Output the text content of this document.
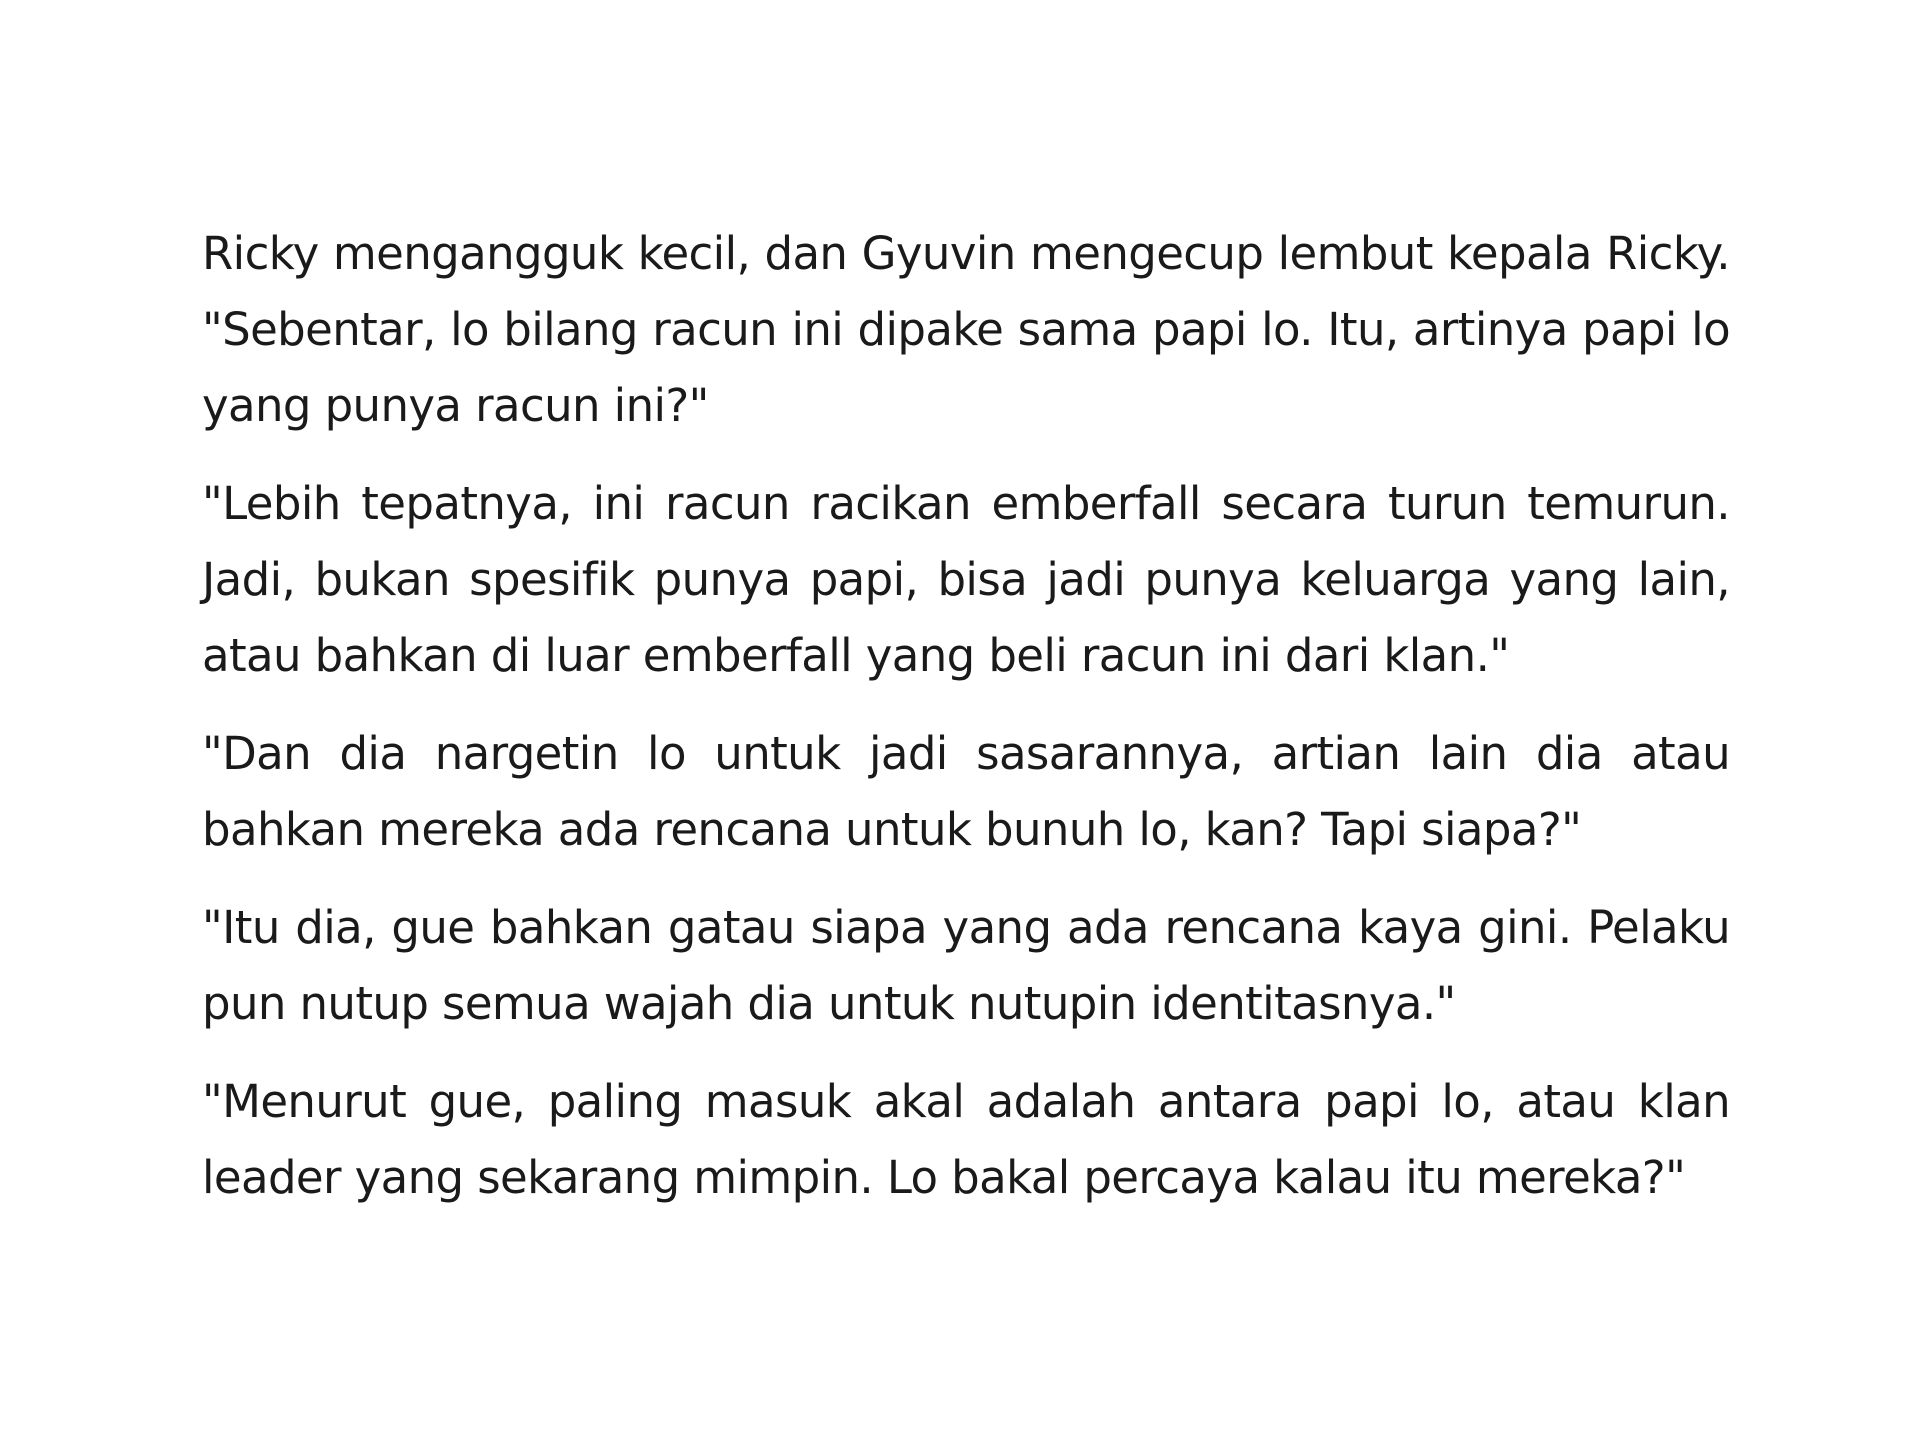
Ricky mengangguk kecil, dan Gyuvin mengecup lembut kepala Ricky. "Sebentar, lo bilang racun ini dipake sama papi lo. Itu, artinya papi lo yang punya racun ini?"

"Lebih tepatnya, ini racun racikan emberfall secara turun temurun. Jadi, bukan spesifik punya papi, bisa jadi punya keluarga yang lain, atau bahkan di luar emberfall yang beli racun ini dari klan."

"Dan dia nargetin lo untuk jadi sasarannya, artian lain dia atau bahkan mereka ada rencana untuk bunuh lo, kan? Tapi siapa?"

"Itu dia, gue bahkan gatau siapa yang ada rencana kaya gini. Pelaku pun nutup semua wajah dia untuk nutupin identitasnya."

"Menurut gue, paling masuk akal adalah antara papi lo, atau klan leader yang sekarang mimpin. Lo bakal percaya kalau itu mereka?"
